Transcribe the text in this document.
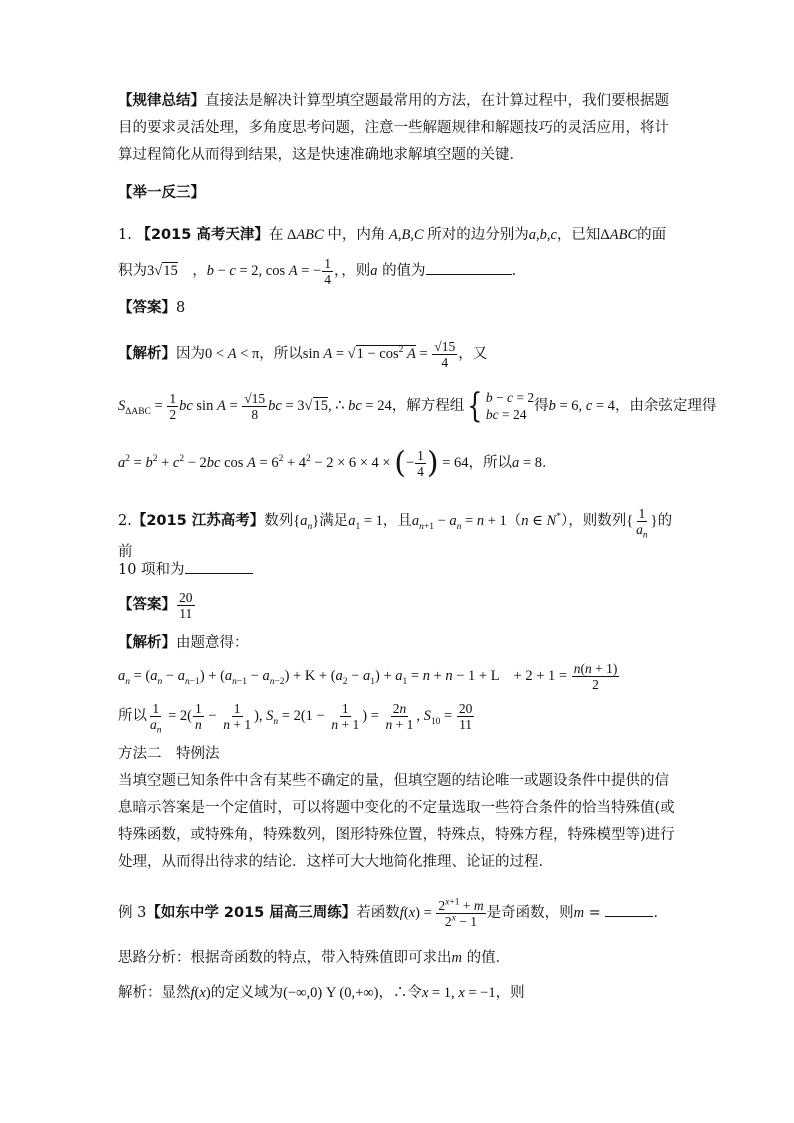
【规律总结】直接法是解决计算型填空题最常用的方法，在计算过程中，我们要根据题目的要求灵活处理，多角度思考问题，注意一些解题规律和解题技巧的灵活应用，将计算过程简化从而得到结果，这是快速准确地求解填空题的关键．
【举一反三】
1. 【2015 高考天津】在 ΔABC 中，内角 A,B,C 所对的边分别为a,b,c，已知ΔABC的面积为3√15　，b − c = 2, cos A = − $\frac{1}{4}$ ，，则a 的值为	．
【答案】8
【解析】因为0 < A < π，所以$\sin A = √1 - \cos^2 A = \frac{√15}{4}$ ，又
$S_{\Delta ABC} = \frac{1}{2}$ bc $\sin A = \frac{√15}{8}$ bc = 3√15, ∴ bc = 24，解方程组{ b − c = 2
bc = 24
得b = 6, c = 4，由余弦定理得
$a^2 = b^2 + c^2 - 2bc$ $\cos A = 6^2 + 4^2 - 2 \times 6 \times 4$ × (− $\frac{1}{4}$ ) = 64，所以a = 8．
2.【2015 江苏高考】数列$\{a_n\}$满足$a_1 = 1$，且$a_{n+1} - a_n = n + 1(n$ ∈ N*），则数列{ $\frac{1}{a_n}$ }的前
10 项和为
【答案】 $\frac{20}{11}$
【解析】由题意得：
$a_n = (a_n - a_{n-1}) + (a_{n-1} - a_{n-2}) + K + (a_2 - a_1) + a_1 = n + n - 1 + L$　+ $2 + 1 = \frac{n(n + 1)}{2}$
所以 $\frac{1}{a_n} = 2( \frac{1}{n} - \frac{1}{n + 1}$ ), $S_n = 2(1 - \frac{1}{n + 1}$ ) = $\frac{2n}{n + 1}$ , $S_{10} = \frac{20}{11}$
方法二　特例法
当填空题已知条件中含有某些不确定的量，但填空题的结论唯一或题设条件中提供的信息暗示答案是一个定值时，可以将题中变化的不定量选取一些符合条件的恰当特殊值(或特殊函数，或特殊角，特殊数列，图形特殊位置，特殊点，特殊方程，特殊模型等)进行处理，从而得出待求的结论．这样可大大地简化推理、论证的过程．
例 3【如东中学 2015 届高三周练】若函数$f(x) = \frac{2^{x+1} + m}{2^x - 1}$ 是奇函数，则m =	．
思路分析：根据奇函数的特点，带入特殊值即可求出m 的值．
解析：显然f(x)的定义域为(−∞,0) Y (0,+∞)，∴令x = 1, x = −1，则
